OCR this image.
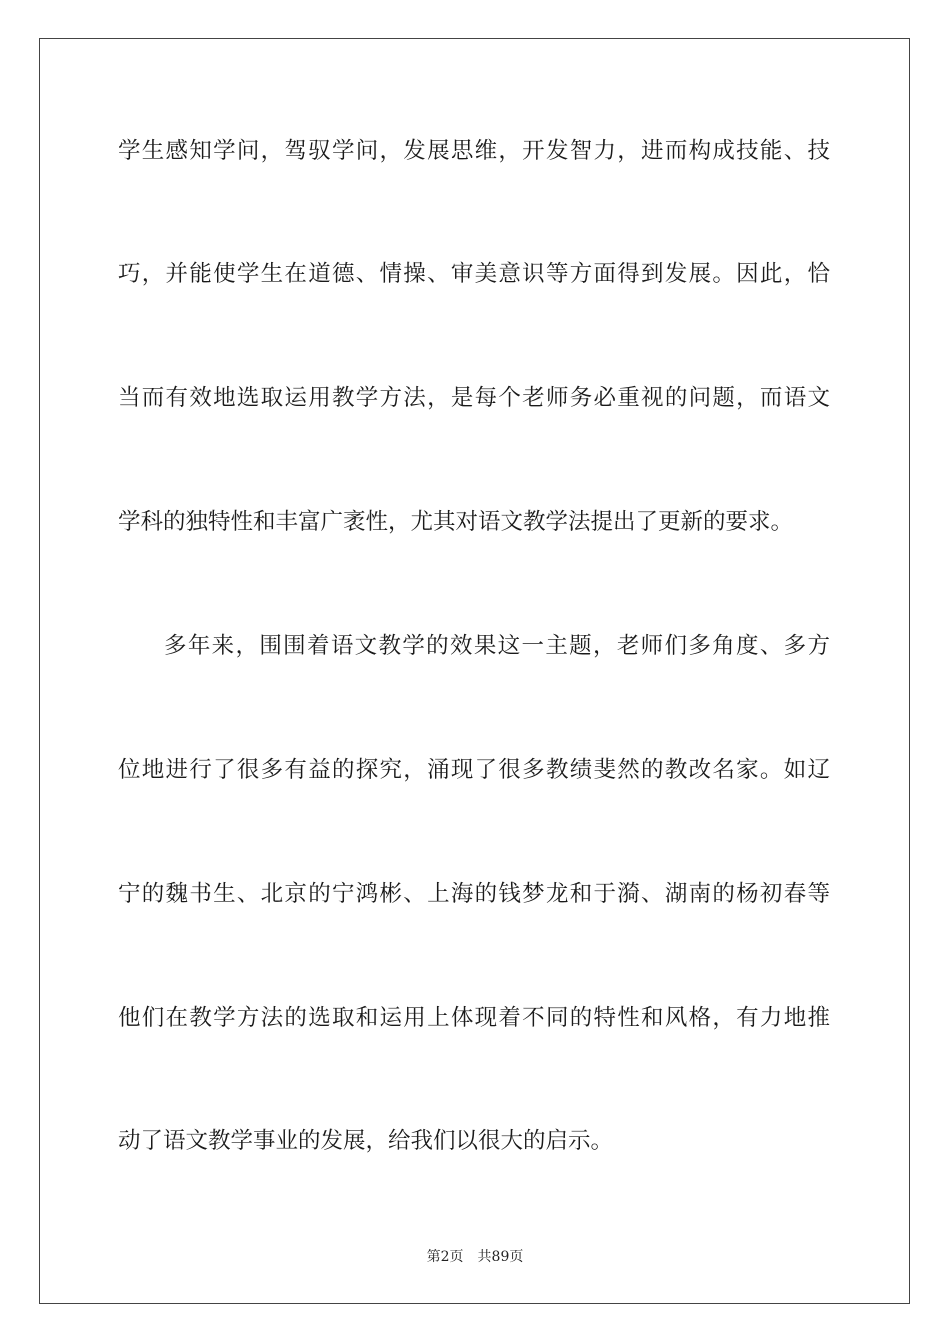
学生感知学问，驾驭学问，发展思维，开发智力，进而构成技能、技
巧，并能使学生在道德、情操、审美意识等方面得到发展。因此，恰
当而有效地选取运用教学方法，是每个老师务必重视的问题，而语文
学科的独特性和丰富广袤性，尤其对语文教学法提出了更新的要求。
多年来，围围着语文教学的效果这一主题，老师们多角度、多方
位地进行了很多有益的探究，涌现了很多教绩斐然的教改名家。如辽
宁的魏书生、北京的宁鸿彬、上海的钱梦龙和于漪、湖南的杨初春等
他们在教学方法的选取和运用上体现着不同的特性和风格，有力地推
动了语文教学事业的发展，给我们以很大的启示。
第2页 共89页
